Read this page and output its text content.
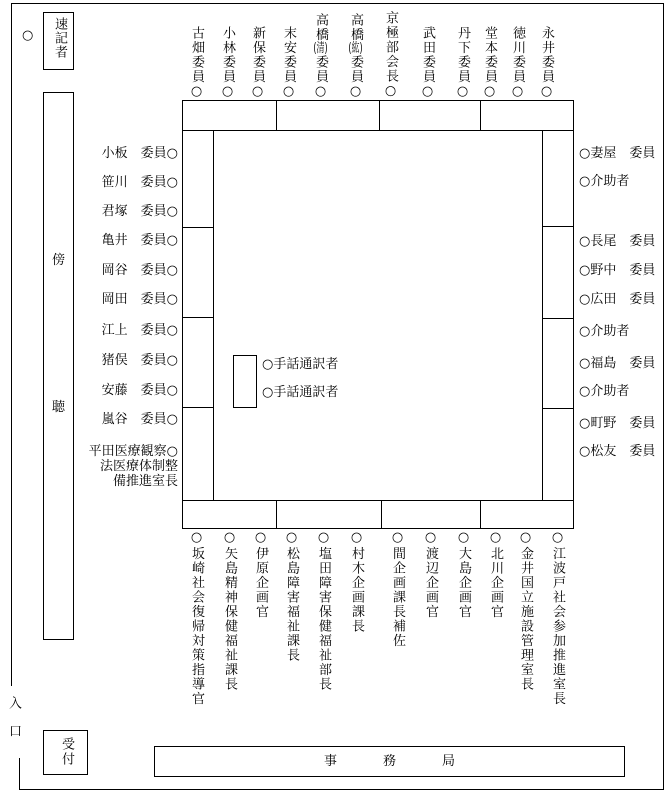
○ 速記者
傍
聴
入口	受付	事務局
○手話通訳者
○手話通訳者
古畑委員○ 小林委員○ 新保委員○ 末安委員○ 高橋(清)委員○
高橋(紘)委員○ 京極部会長○ 武田委員○ 丹下委員○ 堂本委員○ 徳川委員○ 永井委員○
小板　委員○
笹川　委員○
君塚　委員○
亀井　委員○
岡谷　委員○
岡田　委員○
江上　委員○
猪俣　委員○
安藤　委員○
嵐谷　委員○
平田医療観察○
法医療体制整
備推進室長
○妻屋　委員
○介助者
○長尾　委員
○野中　委員
○広田　委員
○介助者
○福島　委員
○介助者
○町野　委員
○松友　委員
○坂崎社会復帰対策指導官 ○矢島精神保健福祉課長 ○伊原企画官 ○松島障害福祉課長 ○塩田障害保健福祉部長 ○村木企画課長 ○間企画課長補佐 ○渡辺企画官 ○大島企画官 ○北川企画官 ○金井国立施設管理室長 ○江波戸社会参加推進室長
